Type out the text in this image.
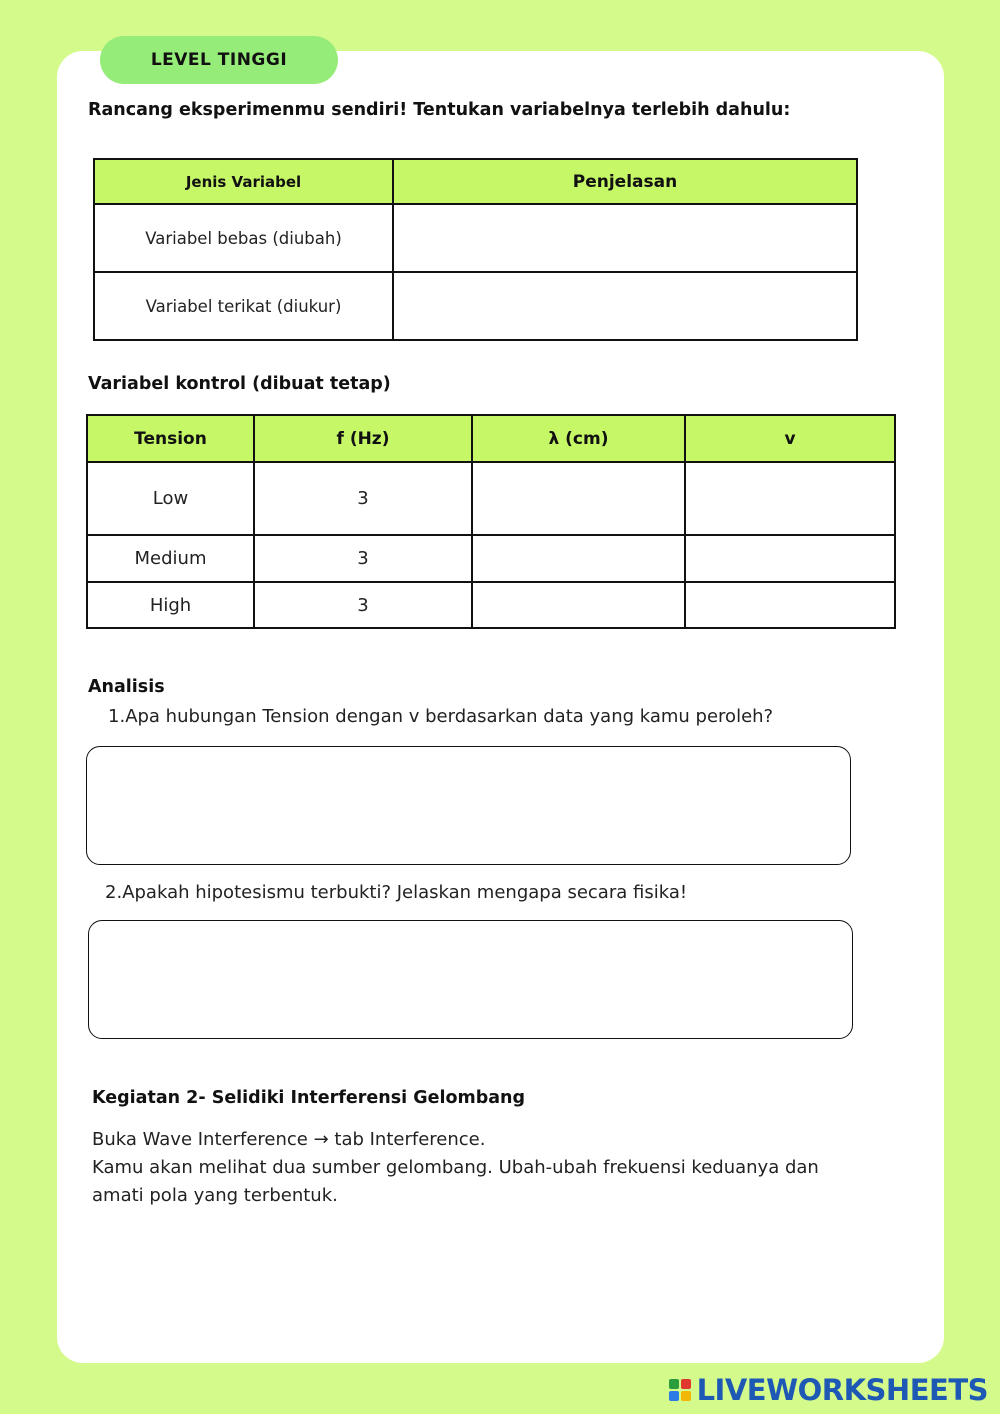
LEVEL TINGGI
Rancang eksperimenmu sendiri! Tentukan variabelnya terlebih dahulu:
Jenis Variabel	Penjelasan
Variabel bebas (diubah)	
Variabel terikat (diukur)	
Variabel kontrol (dibuat tetap)
Tension	f (Hz)	λ (cm)	v
Low	3		
Medium	3		
High	3		
Analisis
1.Apa hubungan Tension dengan v berdasarkan data yang kamu peroleh?
2.Apakah hipotesismu terbukti? Jelaskan mengapa secara fisika!
Kegiatan 2- Selidiki Interferensi Gelombang
Buka Wave Interference → tab Interference.
Kamu akan melihat dua sumber gelombang. Ubah-ubah frekuensi keduanya dan
amati pola yang terbentuk.
LIVEWORKSHEETS
